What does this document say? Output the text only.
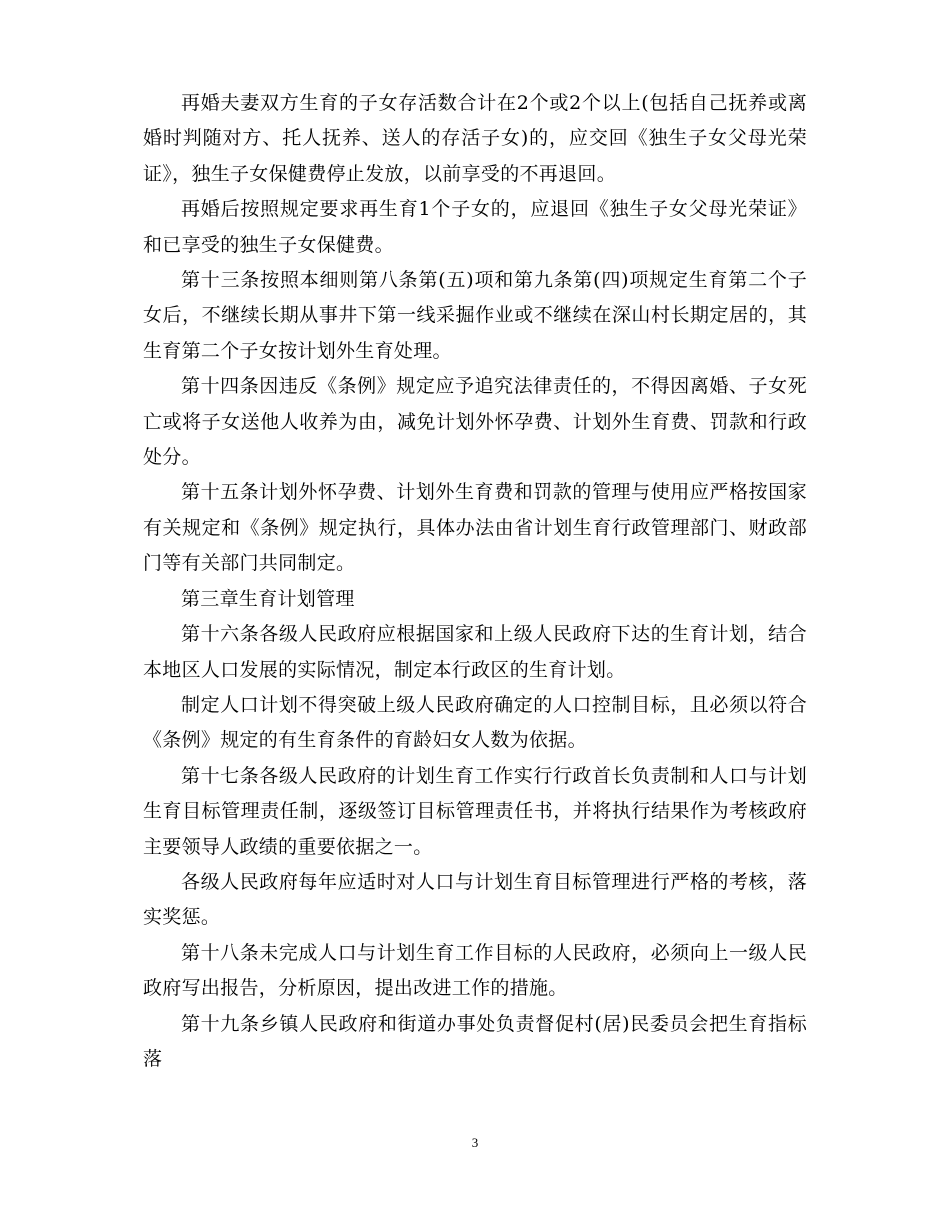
再婚夫妻双方生育的子女存活数合计在2个或2个以上(包括自己抚养或离婚时判随对方、托人抚养、送人的存活子女)的，应交回《独生子女父母光荣证》，独生子女保健费停止发放，以前享受的不再退回。

再婚后按照规定要求再生育1个子女的，应退回《独生子女父母光荣证》和已享受的独生子女保健费。

第十三条按照本细则第八条第(五)项和第九条第(四)项规定生育第二个子女后，不继续长期从事井下第一线采掘作业或不继续在深山村长期定居的，其生育第二个子女按计划外生育处理。

第十四条因违反《条例》规定应予追究法律责任的，不得因离婚、子女死亡或将子女送他人收养为由，减免计划外怀孕费、计划外生育费、罚款和行政处分。

第十五条计划外怀孕费、计划外生育费和罚款的管理与使用应严格按国家有关规定和《条例》规定执行，具体办法由省计划生育行政管理部门、财政部门等有关部门共同制定。

第三章生育计划管理

第十六条各级人民政府应根据国家和上级人民政府下达的生育计划，结合本地区人口发展的实际情况，制定本行政区的生育计划。

制定人口计划不得突破上级人民政府确定的人口控制目标，且必须以符合《条例》规定的有生育条件的育龄妇女人数为依据。

第十七条各级人民政府的计划生育工作实行行政首长负责制和人口与计划生育目标管理责任制，逐级签订目标管理责任书，并将执行结果作为考核政府主要领导人政绩的重要依据之一。

各级人民政府每年应适时对人口与计划生育目标管理进行严格的考核，落实奖惩。

第十八条未完成人口与计划生育工作目标的人民政府，必须向上一级人民政府写出报告，分析原因，提出改进工作的措施。

第十九条乡镇人民政府和街道办事处负责督促村(居)民委员会把生育指标落

3
